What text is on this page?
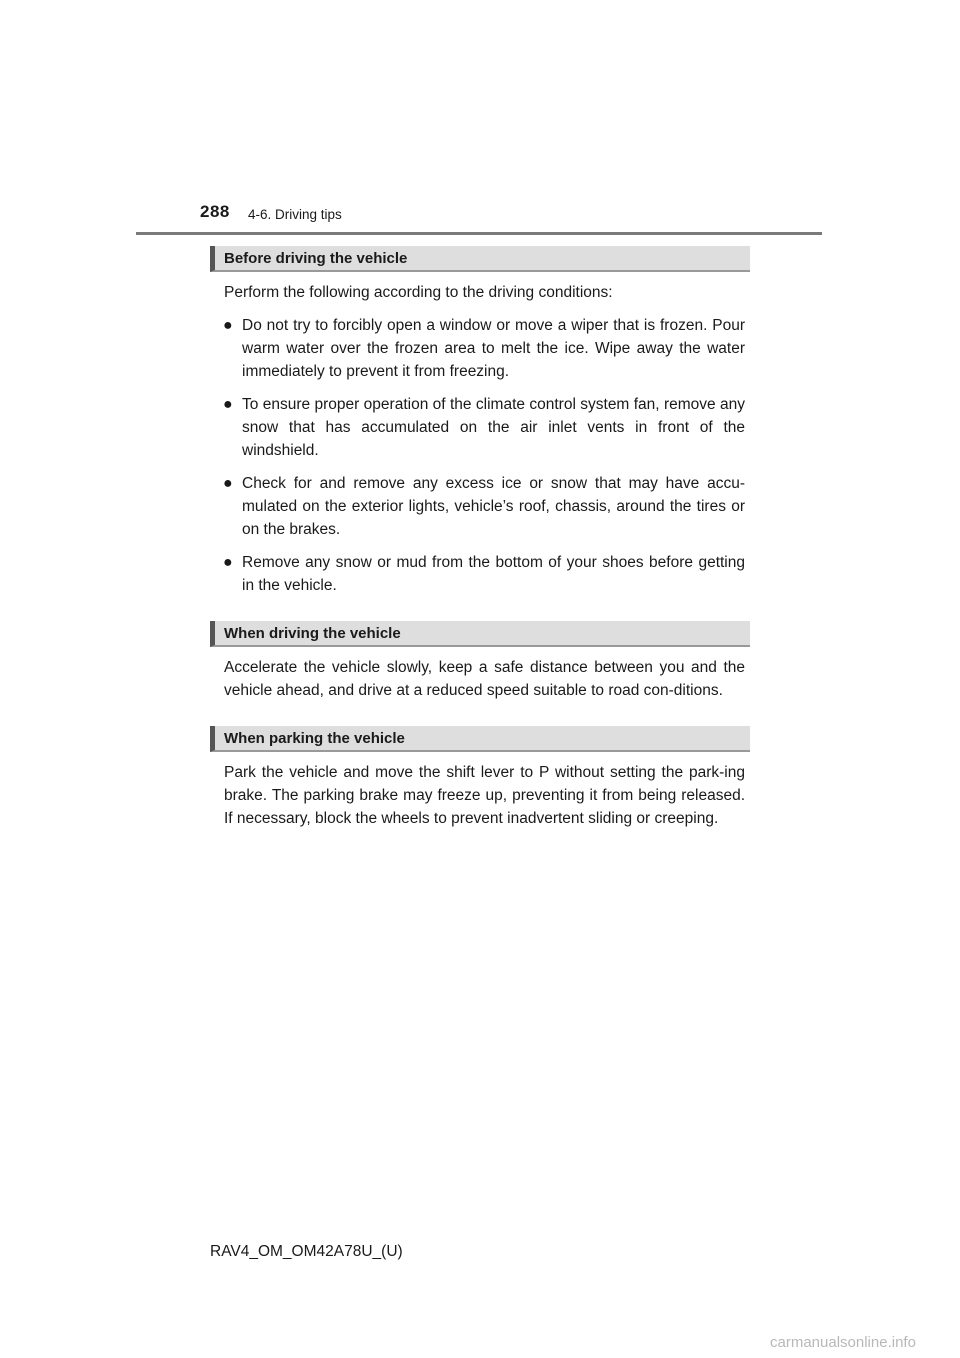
288 4-6. Driving tips
Before driving the vehicle

Perform the following according to the driving conditions:

● Do not try to forcibly open a window or move a wiper that is frozen. Pour warm water over the frozen area to melt the ice. Wipe away the water immediately to prevent it from freezing.
● To ensure proper operation of the climate control system fan, remove any snow that has accumulated on the air inlet vents in front of the windshield.
● Check for and remove any excess ice or snow that may have accu-mulated on the exterior lights, vehicle’s roof, chassis, around the tires or on the brakes.
● Remove any snow or mud from the bottom of your shoes before getting in the vehicle.
When driving the vehicle

Accelerate the vehicle slowly, keep a safe distance between you and the vehicle ahead, and drive at a reduced speed suitable to road con-ditions.

When parking the vehicle

Park the vehicle and move the shift lever to P without setting the park-ing brake. The parking brake may freeze up, preventing it from being released. If necessary, block the wheels to prevent inadvertent sliding or creeping.

RAV4_OM_OM42A78U_(U)
carmanualsonline.info
